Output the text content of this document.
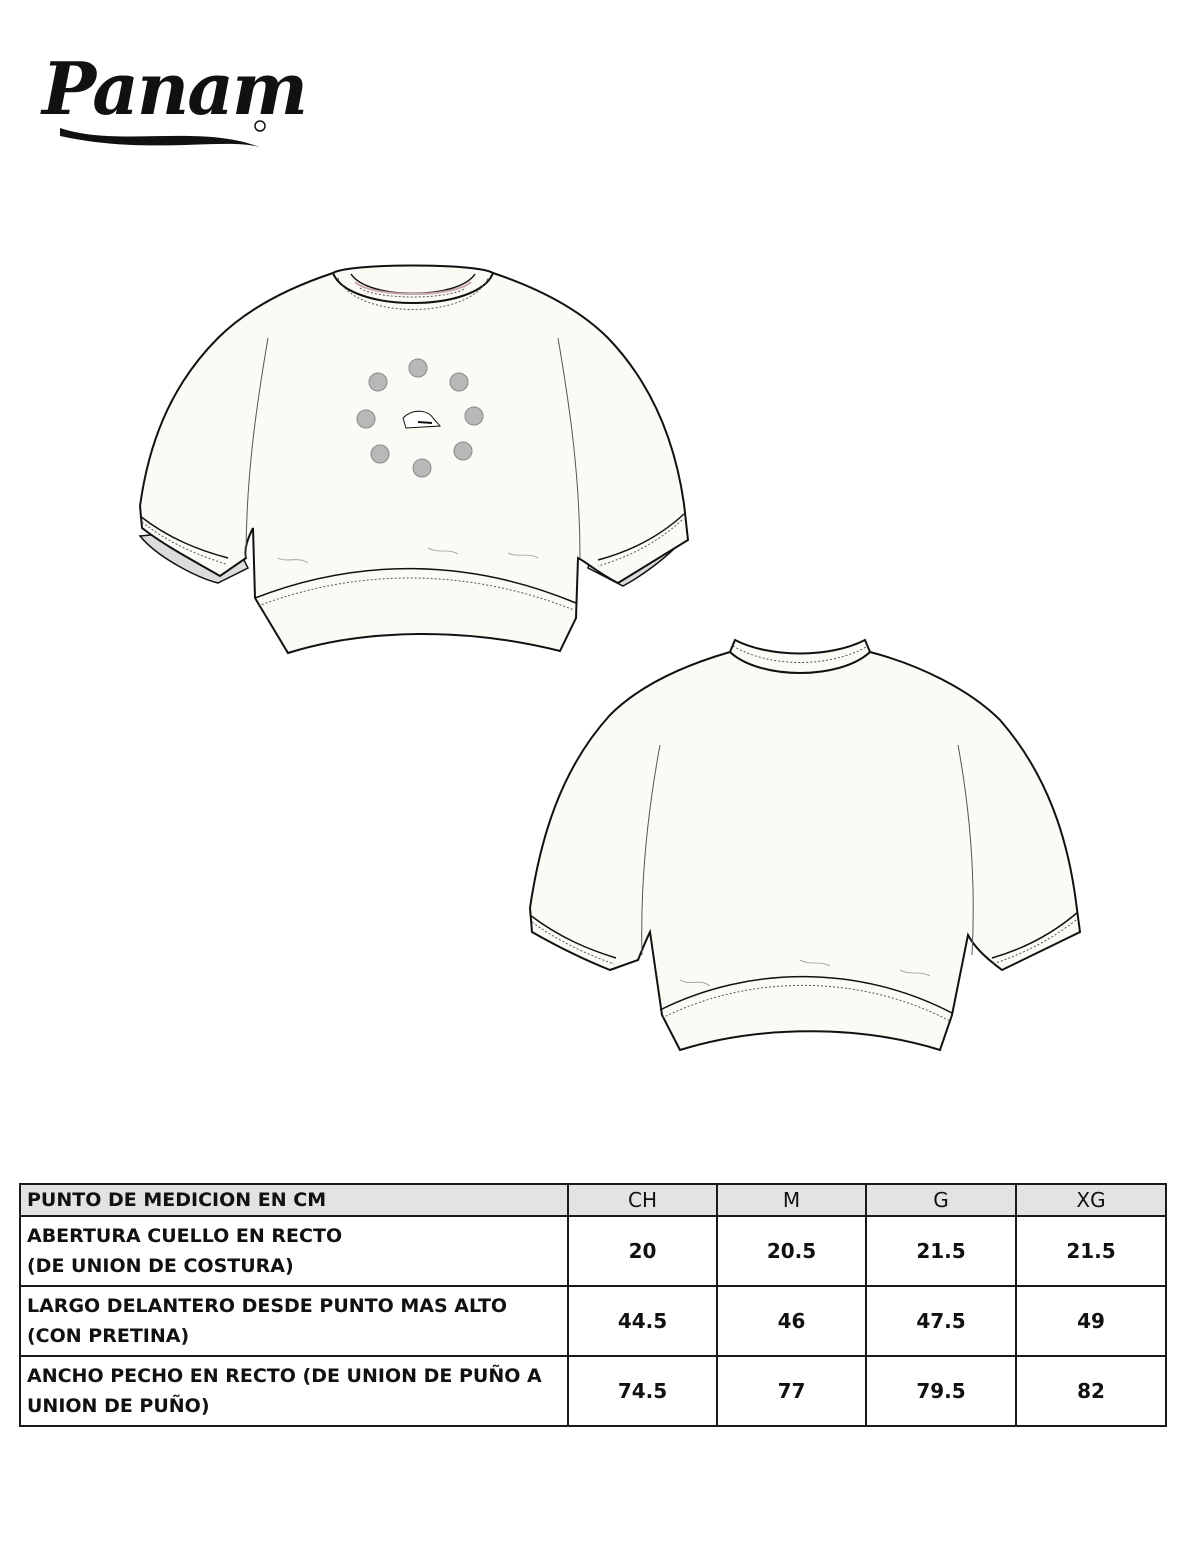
Panam
PUNTO DE MEDICION EN CM	CH	M	G	XG

ABERTURA CUELLO EN RECTO
(DE UNION DE COSTURA)	20	20.5	21.5	21.5

LARGO DELANTERO DESDE PUNTO MAS ALTO
(CON PRETINA)	44.5	46	47.5	49

ANCHO PECHO EN RECTO (DE UNION DE PUÑO A
UNION DE PUÑO)	74.5	77	79.5	82
